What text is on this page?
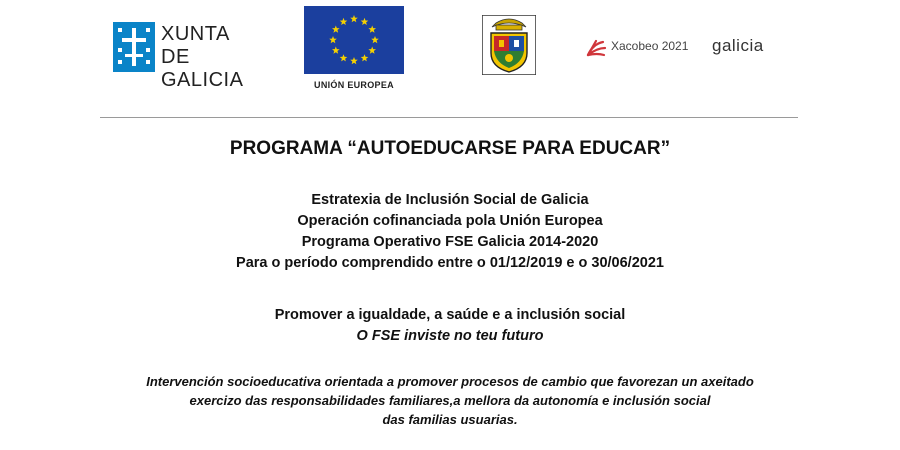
XUNTA
DE GALICIA	UNIÓN EUROPEA
Xacobeo 2021 galicia
PROGRAMA “AUTOEDUCARSE PARA EDUCAR”
Estratexia de Inclusión Social de Galicia
Operación cofinanciada pola Unión Europea
Programa Operativo FSE Galicia 2014-2020
Para o período comprendido entre o 01/12/2019 e o 30/06/2021
Promover a igualdade, a saúde e a inclusión social
O FSE inviste no teu futuro
Intervención socioeducativa orientada a promover procesos de cambio que favorezan un axeitado
exercizo das responsabilidades familiares,a mellora da autonomía e inclusión social
das familias usuarias.
